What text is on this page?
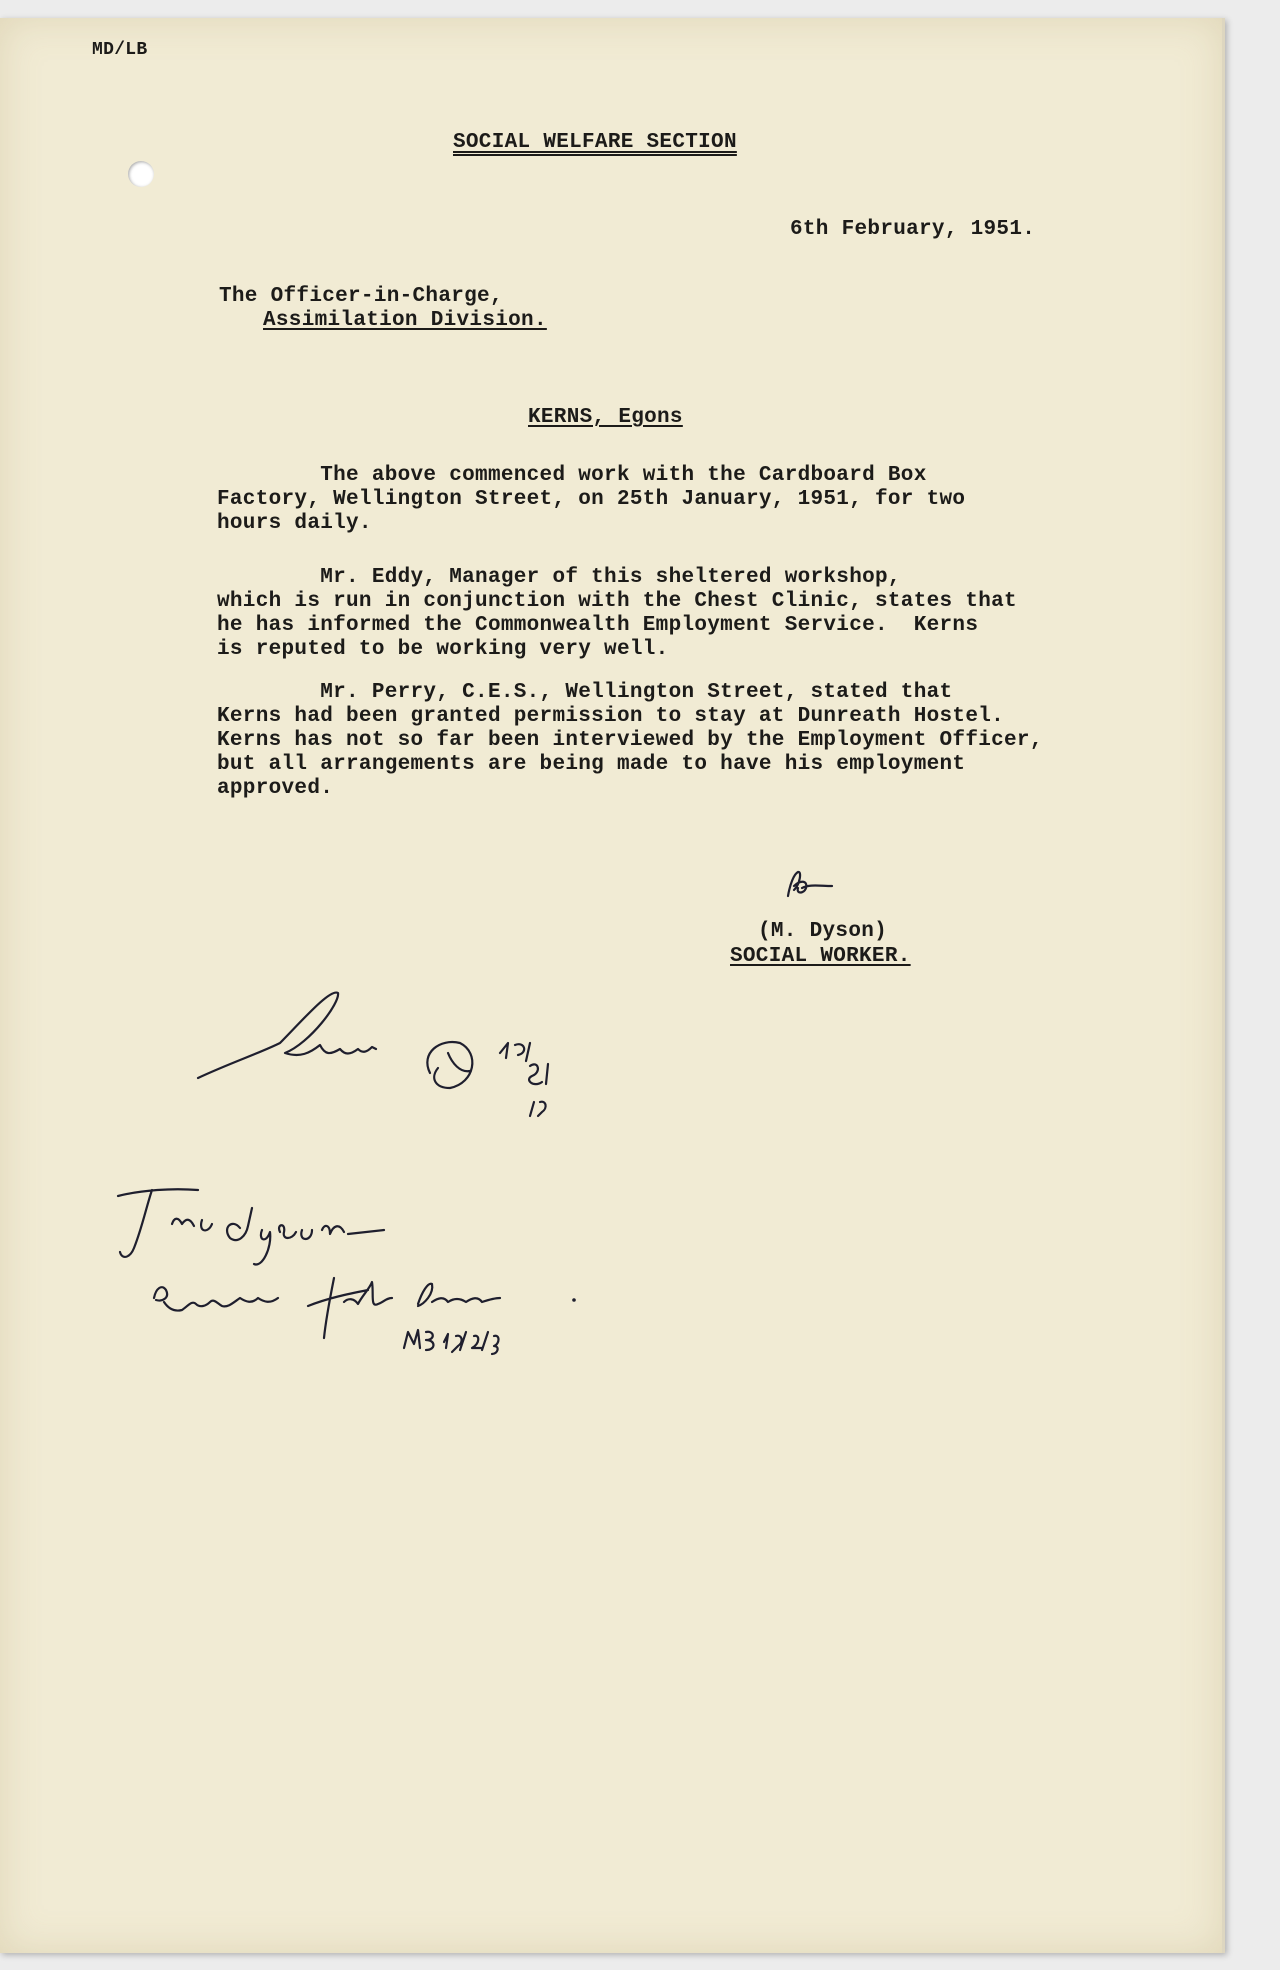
MD/LB
SOCIAL WELFARE SECTION
6th February, 1951.
The Officer-in-Charge,
Assimilation Division.
KERNS, Egons
The above commenced work with the Cardboard Box
Factory, Wellington Street, on 25th January, 1951, for two
hours daily.
Mr. Eddy, Manager of this sheltered workshop,
which is run in conjunction with the Chest Clinic, states that
he has informed the Commonwealth Employment Service.  Kerns
is reputed to be working very well.
Mr. Perry, C.E.S., Wellington Street, stated that
Kerns had been granted permission to stay at Dunreath Hostel.
Kerns has not so far been interviewed by the Employment Officer,
but all arrangements are being made to have his employment
approved.
(M. Dyson)
SOCIAL WORKER.
